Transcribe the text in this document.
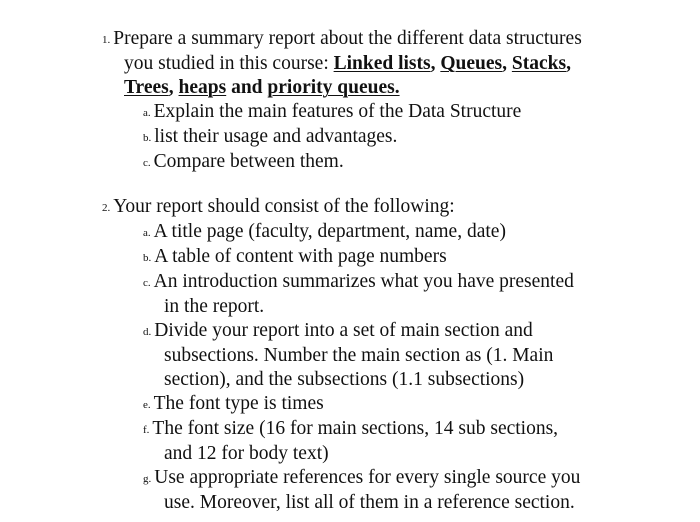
1. Prepare a summary report about the different data structures
you studied in this course: Linked lists, Queues, Stacks,
Trees, heaps and priority queues.
a. Explain the main features of the Data Structure
b. list their usage and advantages.
c. Compare between them.
2. Your report should consist of the following:
a. A title page (faculty, department, name, date)
b. A table of content with page numbers
c. An introduction summarizes what you have presented
in the report.
d. Divide your report into a set of main section and
subsections. Number the main section as (1. Main
section), and the subsections (1.1 subsections)
e. The font type is times
f. The font size (16 for main sections, 14 sub sections,
and 12 for body text)
g. Use appropriate references for every single source you
use. Moreover, list all of them in a reference section.
